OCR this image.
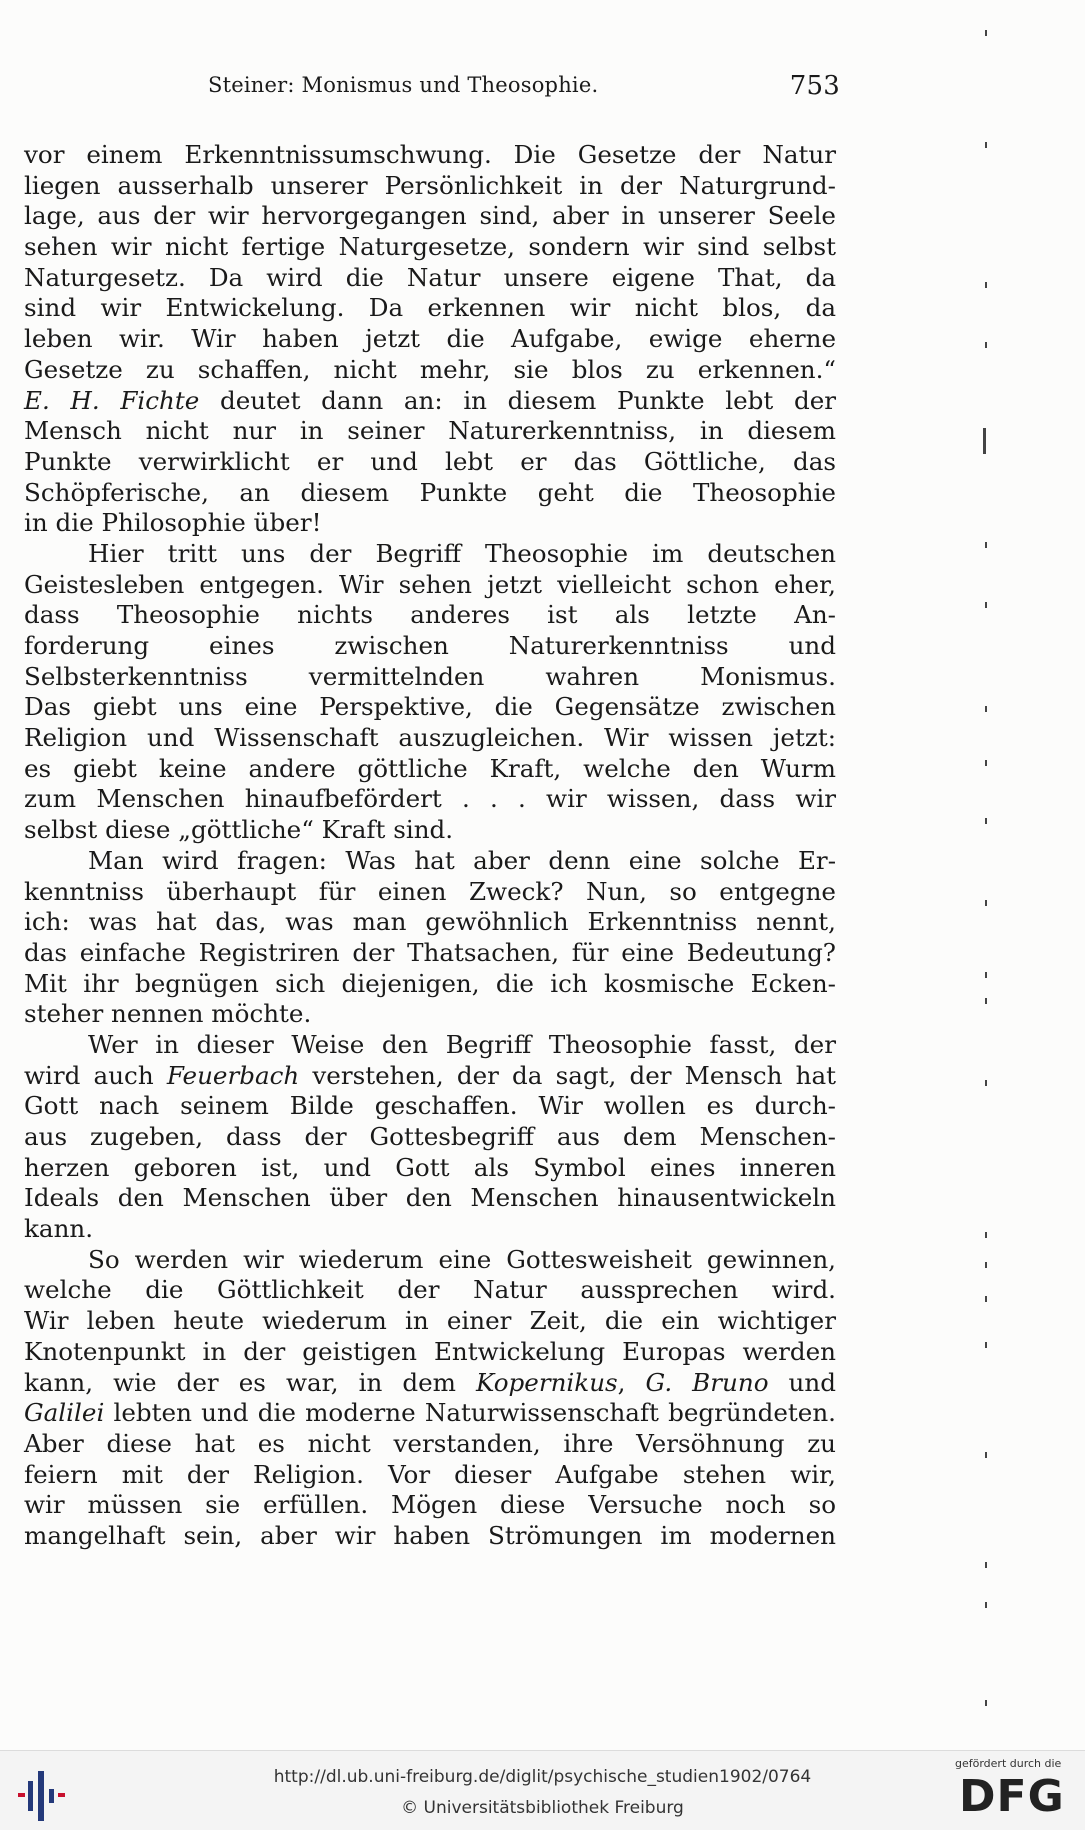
Steiner: Monismus und Theosophie.	753
vor einem Erkenntnissumschwung. Die Gesetze der Natur
liegen ausserhalb unserer Persönlichkeit in der Naturgrund-
lage, aus der wir hervorgegangen sind, aber in unserer Seele
sehen wir nicht fertige Naturgesetze, sondern wir sind selbst
Naturgesetz. Da wird die Natur unsere eigene That, da
sind wir Entwickelung. Da erkennen wir nicht blos, da
leben wir. Wir haben jetzt die Aufgabe, ewige eherne
Gesetze zu schaffen, nicht mehr, sie blos zu erkennen.“
E. H. Fichte deutet dann an: in diesem Punkte lebt der
Mensch nicht nur in seiner Naturerkenntniss, in diesem
Punkte verwirklicht er und lebt er das Göttliche, das
Schöpferische, an diesem Punkte geht die Theosophie
in die Philosophie über!
Hier tritt uns der Begriff Theosophie im deutschen
Geistesleben entgegen. Wir sehen jetzt vielleicht schon eher,
dass Theosophie nichts anderes ist als letzte An-
forderung eines zwischen Naturerkenntniss und
Selbsterkenntniss vermittelnden wahren Monismus.
Das giebt uns eine Perspektive, die Gegensätze zwischen
Religion und Wissenschaft auszugleichen. Wir wissen jetzt:
es giebt keine andere göttliche Kraft, welche den Wurm
zum Menschen hinaufbefördert . . . wir wissen, dass wir
selbst diese „göttliche“ Kraft sind.
Man wird fragen: Was hat aber denn eine solche Er-
kenntniss überhaupt für einen Zweck? Nun, so entgegne
ich: was hat das, was man gewöhnlich Erkenntniss nennt,
das einfache Registriren der Thatsachen, für eine Bedeutung?
Mit ihr begnügen sich diejenigen, die ich kosmische Ecken-
steher nennen möchte.
Wer in dieser Weise den Begriff Theosophie fasst, der
wird auch Feuerbach verstehen, der da sagt, der Mensch hat
Gott nach seinem Bilde geschaffen. Wir wollen es durch-
aus zugeben, dass der Gottesbegriff aus dem Menschen-
herzen geboren ist, und Gott als Symbol eines inneren
Ideals den Menschen über den Menschen hinausentwickeln
kann.
So werden wir wiederum eine Gottesweisheit gewinnen,
welche die Göttlichkeit der Natur aussprechen wird.
Wir leben heute wiederum in einer Zeit, die ein wichtiger
Knotenpunkt in der geistigen Entwickelung Europas werden
kann, wie der es war, in dem Kopernikus, G. Bruno und
Galilei lebten und die moderne Naturwissenschaft begründeten.
Aber diese hat es nicht verstanden, ihre Versöhnung zu
feiern mit der Religion. Vor dieser Aufgabe stehen wir,
wir müssen sie erfüllen. Mögen diese Versuche noch so
mangelhaft sein, aber wir haben Strömungen im modernen
http://dl.ub.uni-freiburg.de/diglit/psychische_studien1902/0764
© Universitätsbibliothek Freiburg
gefördert durch die
DFG
